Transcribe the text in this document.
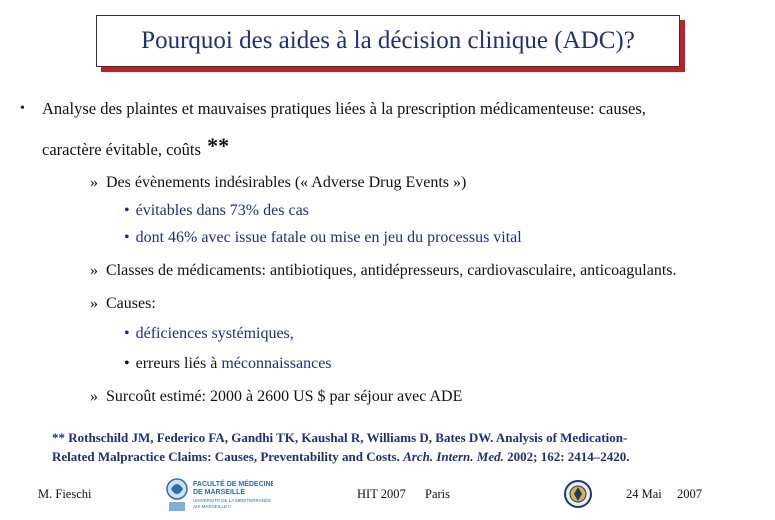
Pourquoi des aides à la décision clinique (ADC)?
• Analyse des plaintes et mauvaises pratiques liées à la prescription médicamenteuse: causes,
caractère évitable, coûts **
» Des évènements indésirables (« Adverse Drug Events »)
• évitables dans 73% des cas
• dont 46% avec issue fatale ou mise en jeu du processus vital
» Classes de médicaments: antibiotiques, antidépresseurs, cardiovasculaire, anticoagulants.
» Causes:
• déficiences systémiques,
• erreurs liés à méconnaissances
» Surcoût estimé: 2000 à 2600 US $ par séjour avec ADE
** Rothschild JM, Federico FA, Gandhi TK, Kaushal R, Williams D, Bates DW. Analysis of Medication-
Related Malpractice Claims: Causes, Preventability and Costs. Arch. Intern. Med. 2002; 162: 2414–2420.
M. Fieschi
FACULTÉ DE MÉDECINE
DE MARSEILLE
UNIVERSITÉ DE LA MÉDITERRANÉE
AIX-MARSEILLE II
HIT 2007 Paris	24 Mai 2007
